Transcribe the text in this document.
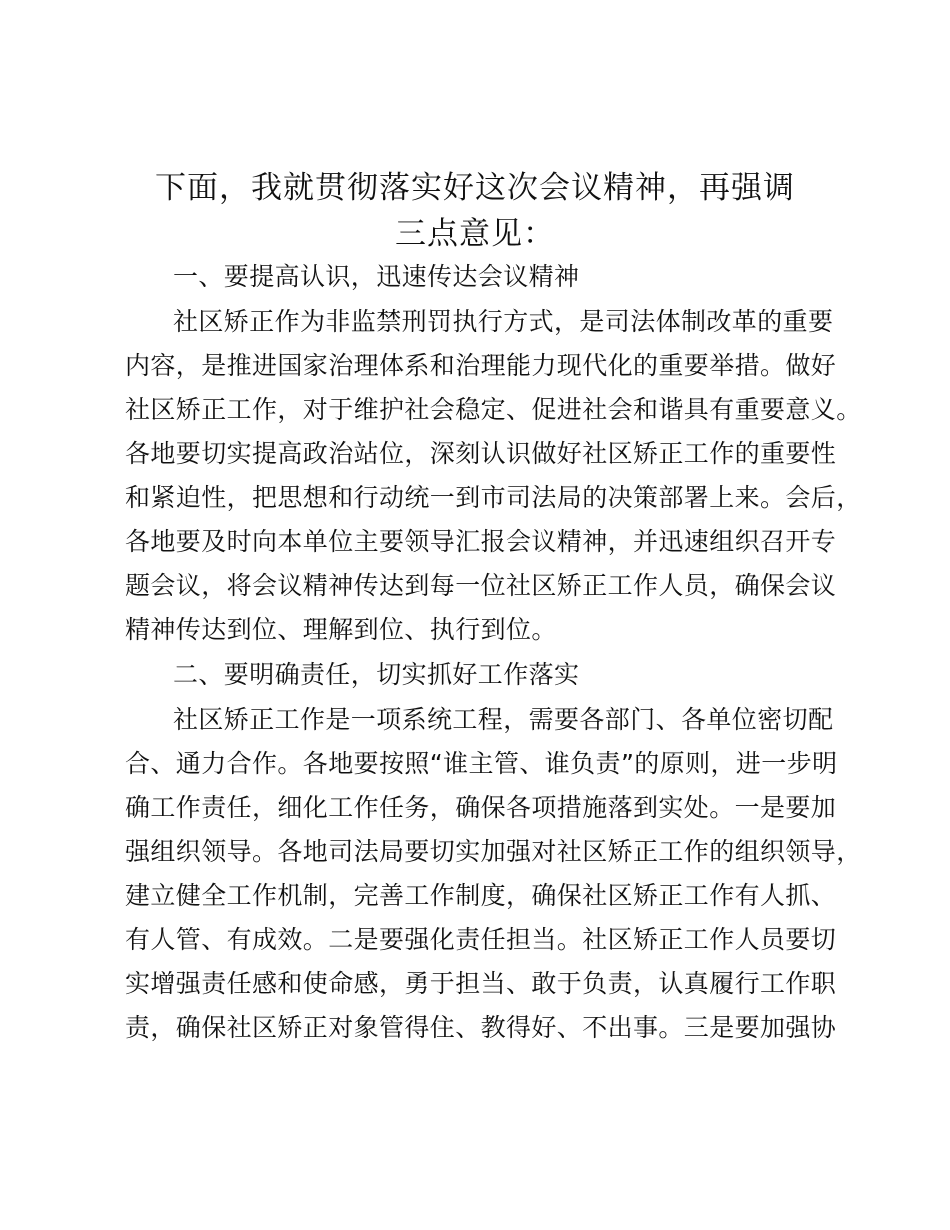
下面，我就贯彻落实好这次会议精神，再强调
三点意见：
一、要提高认识，迅速传达会议精神
社区矫正作为非监禁刑罚执行方式，是司法体制改革的重要
内容，是推进国家治理体系和治理能力现代化的重要举措。做好
社区矫正工作，对于维护社会稳定、促进社会和谐具有重要意义。
各地要切实提高政治站位，深刻认识做好社区矫正工作的重要性
和紧迫性，把思想和行动统一到市司法局的决策部署上来。会后，
各地要及时向本单位主要领导汇报会议精神，并迅速组织召开专
题会议，将会议精神传达到每一位社区矫正工作人员，确保会议
精神传达到位、理解到位、执行到位。
二、要明确责任，切实抓好工作落实
社区矫正工作是一项系统工程，需要各部门、各单位密切配
合、通力合作。各地要按照“谁主管、谁负责”的原则，进一步明
确工作责任，细化工作任务，确保各项措施落到实处。一是要加
强组织领导。各地司法局要切实加强对社区矫正工作的组织领导，
建立健全工作机制，完善工作制度，确保社区矫正工作有人抓、
有人管、有成效。二是要强化责任担当。社区矫正工作人员要切
实增强责任感和使命感，勇于担当、敢于负责，认真履行工作职
责，确保社区矫正对象管得住、教得好、不出事。三是要加强协
